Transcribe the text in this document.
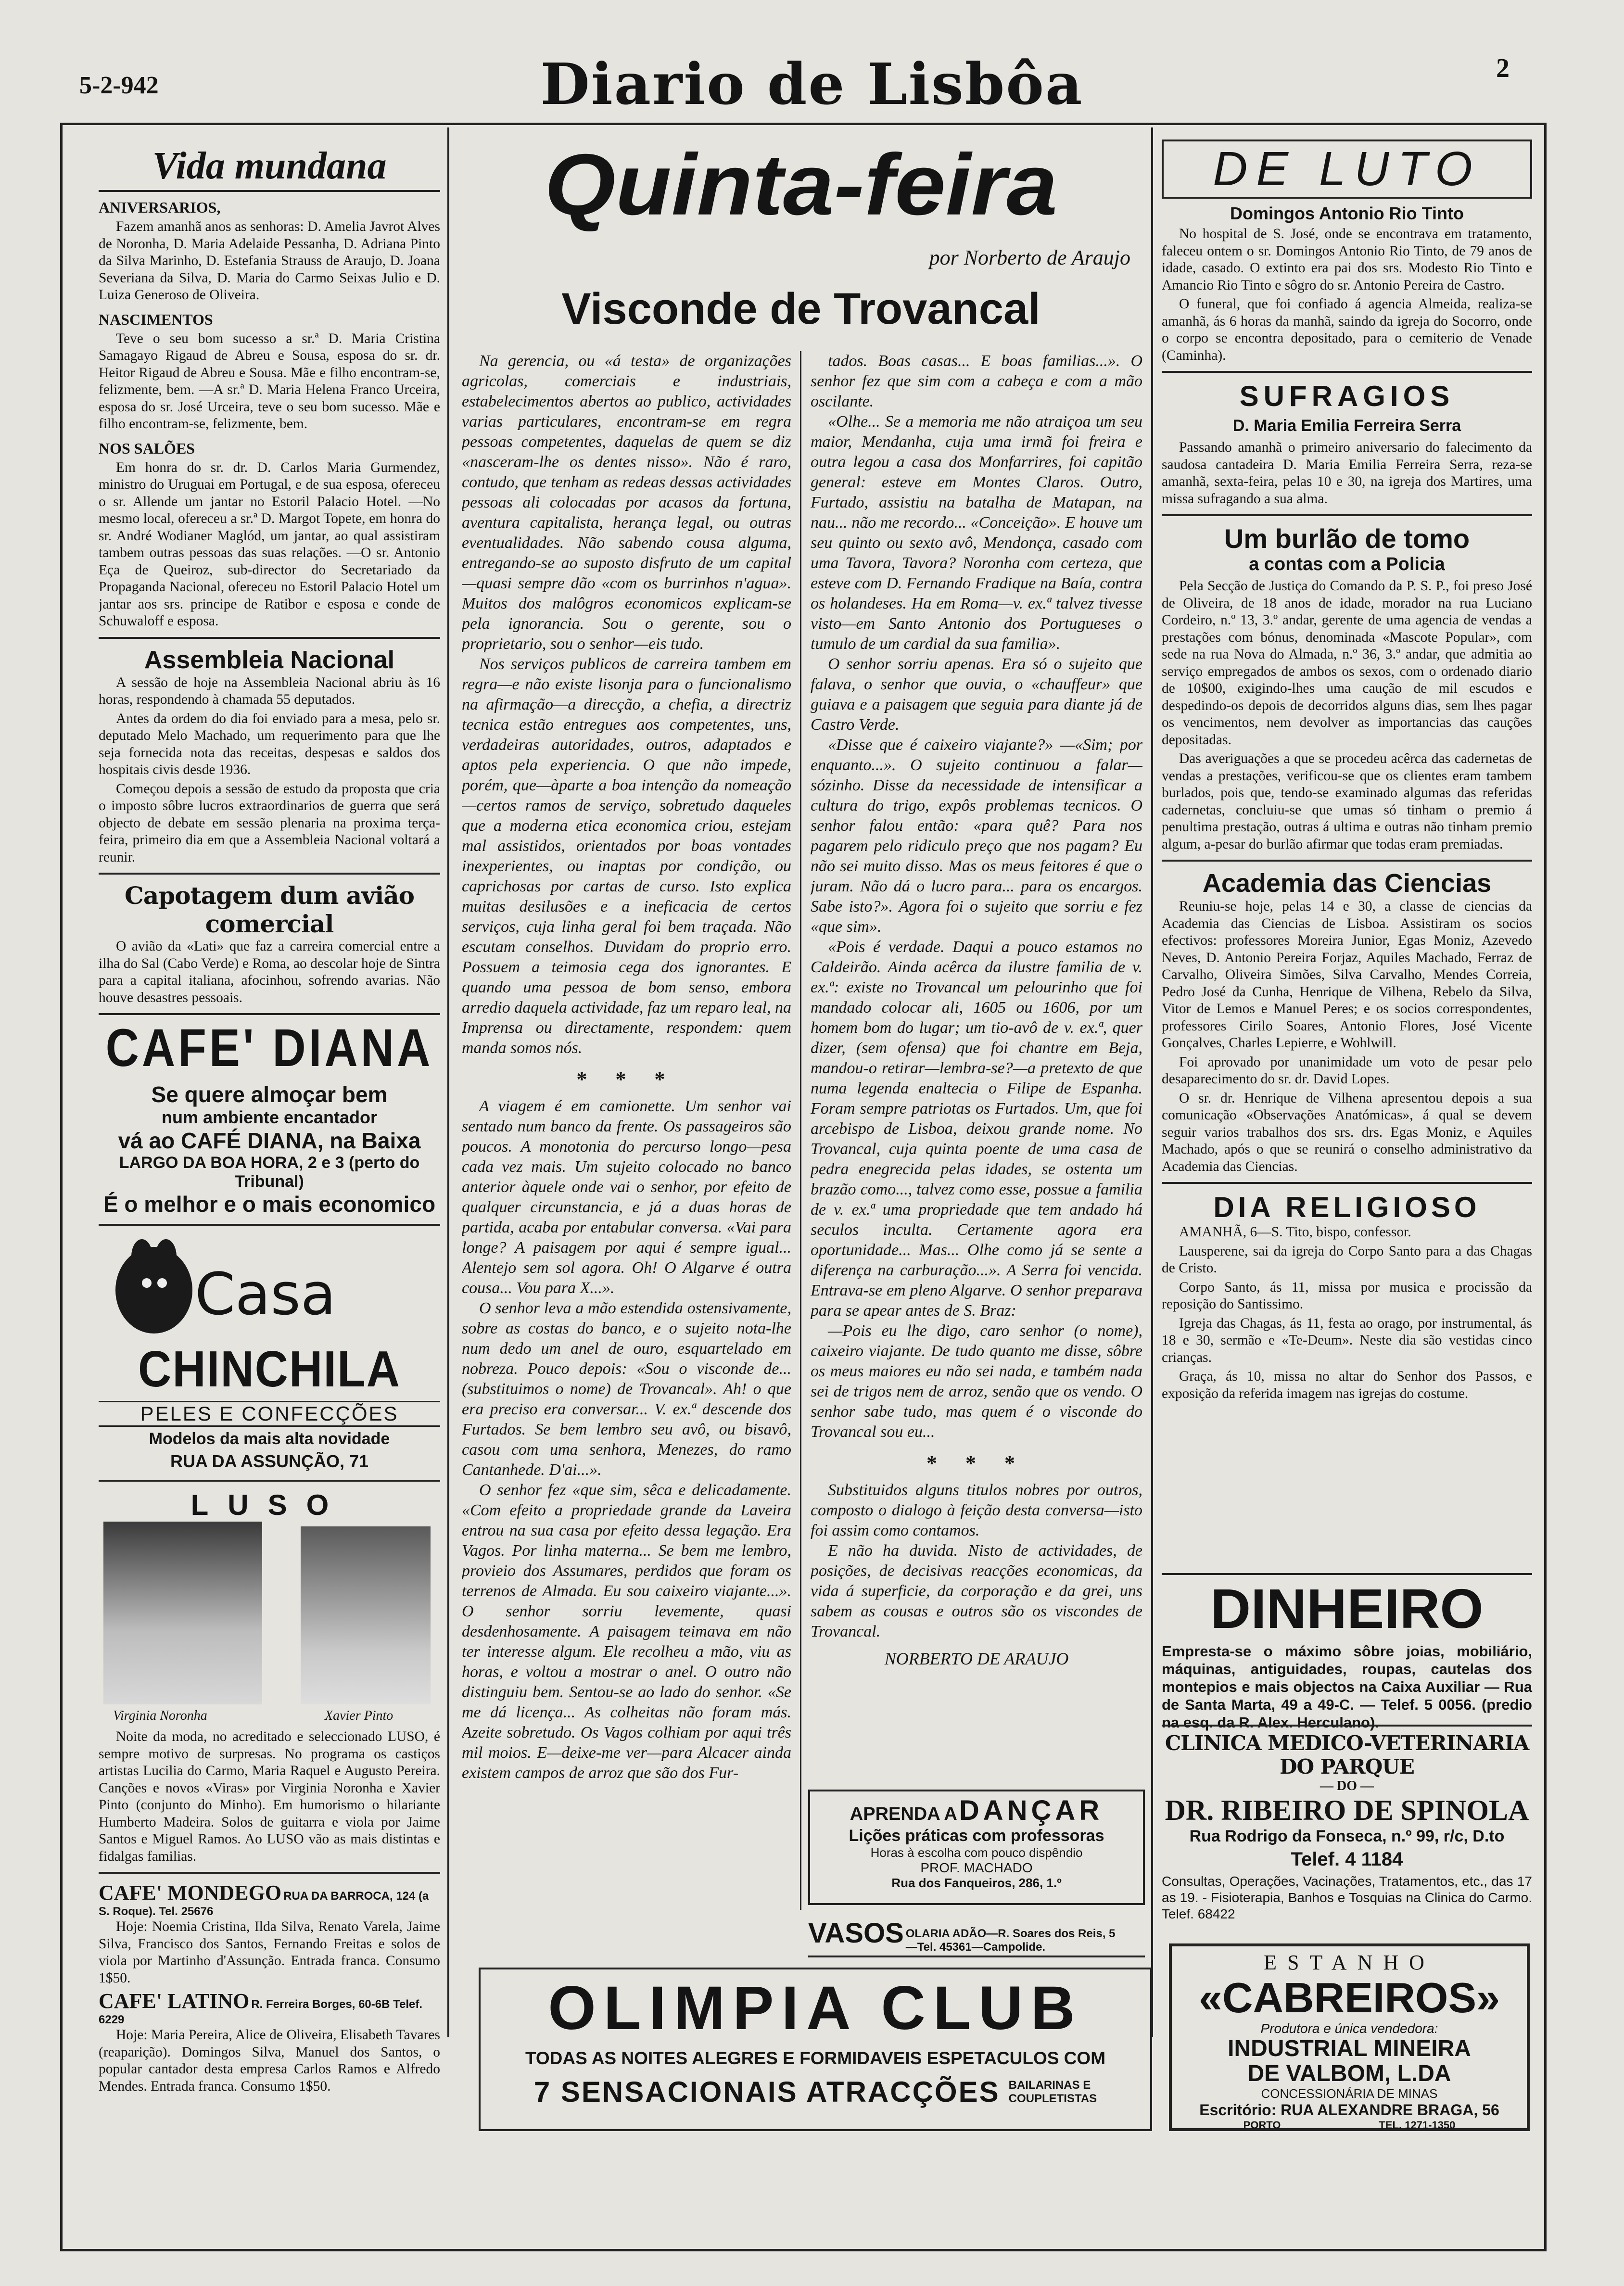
5-2-942	Diario de Lisbôa	2
Vida mundana
ANIVERSARIOS,

Fazem amanhã anos as senhoras: D. Amelia Javrot Alves de Noronha, D. Maria Adelaide Pessanha, D. Adriana Pinto da Silva Marinho, D. Estefania Strauss de Araujo, D. Joana Severiana da Silva, D. Maria do Carmo Seixas Julio e D. Luiza Generoso de Oliveira.

NASCIMENTOS

Teve o seu bom sucesso a sr.ª D. Maria Cristina Samagayo Rigaud de Abreu e Sousa, esposa do sr. dr. Heitor Rigaud de Abreu e Sousa. Mãe e filho encontram-se, felizmente, bem. —A sr.ª D. Maria Helena Franco Urceira, esposa do sr. José Urceira, teve o seu bom sucesso. Mãe e filho encontram-se, felizmente, bem.

NOS SALÕES

Em honra do sr. dr. D. Carlos Maria Gurmendez, ministro do Uruguai em Portugal, e de sua esposa, ofereceu o sr. Allende um jantar no Estoril Palacio Hotel. —No mesmo local, ofereceu a sr.ª D. Margot Topete, em honra do sr. André Wodianer Maglód, um jantar, ao qual assistiram tambem outras pessoas das suas relações. —O sr. Antonio Eça de Queiroz, sub-director do Secretariado da Propaganda Nacional, ofereceu no Estoril Palacio Hotel um jantar aos srs. principe de Ratibor e esposa e conde de Schuwaloff e esposa.

Assembleia Nacional

A sessão de hoje na Assembleia Nacional abriu às 16 horas, respondendo à chamada 55 deputados.

Antes da ordem do dia foi enviado para a mesa, pelo sr. deputado Melo Machado, um requerimento para que lhe seja fornecida nota das receitas, despesas e saldos dos hospitais civis desde 1936.

Começou depois a sessão de estudo da proposta que cria o imposto sôbre lucros extraordinarios de guerra que será objecto de debate em sessão plenaria na proxima terça-feira, primeiro dia em que a Assembleia Nacional voltará a reunir.

Capotagem dum avião comercial

O avião da «Lati» que faz a carreira comercial entre a ilha do Sal (Cabo Verde) e Roma, ao descolar hoje de Sintra para a capital italiana, afocinhou, sofrendo avarias. Não houve desastres pessoais.

CAFE' DIANA
Se quere almoçar bem
num ambiente encantador
vá ao CAFÉ DIANA, na Baixa
LARGO DA BOA HORA, 2 e 3 (perto do Tribunal)
É o melhor e o mais economico
Casa
CHINCHILA
PELES E CONFECÇÕES
Modelos da mais alta novidade
RUA DA ASSUNÇÃO, 71
LUSO
Virginia Noronha	Xavier Pinto

Noite da moda, no acreditado e seleccionado LUSO, é sempre motivo de surpresas. No programa os castiços artistas Lucilia do Carmo, Maria Raquel e Augusto Pereira. Canções e novos «Viras» por Virginia Noronha e Xavier Pinto (conjunto do Minho). Em humorismo o hilariante Humberto Madeira. Solos de guitarra e viola por Jaime Santos e Miguel Ramos. Ao LUSO vão as mais distintas e fidalgas familias.

CAFE' MONDEGO RUA DA BARROCA, 124 (a S. Roque). Tel. 25676

Hoje: Noemia Cristina, Ilda Silva, Renato Varela, Jaime Silva, Francisco dos Santos, Fernando Freitas e solos de viola por Martinho d'Assunção. Entrada franca. Consumo 1$50.

CAFE' LATINO R. Ferreira Borges, 60-6B Telef. 6229

Hoje: Maria Pereira, Alice de Oliveira, Elisabeth Tavares (reaparição). Domingos Silva, Manuel dos Santos, o popular cantador desta empresa Carlos Ramos e Alfredo Mendes. Entrada franca. Consumo 1$50.

Quinta-feira
por Norberto de Araujo
Visconde de Trovancal

Na gerencia, ou «á testa» de organizações agricolas, comerciais e industriais, estabelecimentos abertos ao publico, actividades varias particulares, encontram-se em regra pessoas competentes, daquelas de quem se diz «nasceram-lhe os dentes nisso». Não é raro, contudo, que tenham as redeas dessas actividades pessoas ali colocadas por acasos da fortuna, aventura capitalista, herança legal, ou outras eventualidades. Não sabendo cousa alguma, entregando-se ao suposto disfruto de um capital—quasi sempre dão «com os burrinhos n'agua». Muitos dos malôgros economicos explicam-se pela ignorancia. Sou o gerente, sou o proprietario, sou o senhor—eis tudo.

Nos serviços publicos de carreira tambem em regra—e não existe lisonja para o funcionalismo na afirmação—a direcção, a chefia, a directriz tecnica estão entregues aos competentes, uns, verdadeiras autoridades, outros, adaptados e aptos pela experiencia. O que não impede, porém, que—àparte a boa intenção da nomeação—certos ramos de serviço, sobretudo daqueles que a moderna etica economica criou, estejam mal assistidos, orientados por boas vontades inexperientes, ou inaptas por condição, ou caprichosas por cartas de curso. Isto explica muitas desilusões e a ineficacia de certos serviços, cuja linha geral foi bem traçada. Não escutam conselhos. Duvidam do proprio erro. Possuem a teimosia cega dos ignorantes. E quando uma pessoa de bom senso, embora arredio daquela actividade, faz um reparo leal, na Imprensa ou directamente, respondem: quem manda somos nós.

* * *

A viagem é em camionette. Um senhor vai sentado num banco da frente. Os passageiros são poucos. A monotonia do percurso longo—pesa cada vez mais. Um sujeito colocado no banco anterior àquele onde vai o senhor, por efeito de qualquer circunstancia, e já a duas horas de partida, acaba por entabular conversa. «Vai para longe? A paisagem por aqui é sempre igual... Alentejo sem sol agora. Oh! O Algarve é outra cousa... Vou para X...».

O senhor leva a mão estendida ostensivamente, sobre as costas do banco, e o sujeito nota-lhe num dedo um anel de ouro, esquartelado em nobreza. Pouco depois: «Sou o visconde de... (substituimos o nome) de Trovancal». Ah! o que era preciso era conversar... V. ex.ª descende dos Furtados. Se bem lembro seu avô, ou bisavô, casou com uma senhora, Menezes, do ramo Cantanhede. D'ai...».

O senhor fez «que sim, sêca e delicadamente. «Com efeito a propriedade grande da Laveira entrou na sua casa por efeito dessa legação. Era Vagos. Por linha materna... Se bem me lembro, provieio dos Assumares, perdidos que foram os terrenos de Almada. Eu sou caixeiro viajante...». O senhor sorriu levemente, quasi desdenhosamente. A paisagem teimava em não ter interesse algum. Ele recolheu a mão, viu as horas, e voltou a mostrar o anel. O outro não distinguiu bem. Sentou-se ao lado do senhor. «Se me dá licença... As colheitas não foram más. Azeite sobretudo. Os Vagos colhiam por aqui três mil moios. E—deixe-me ver—para Alcacer ainda existem campos de arroz que são dos Fur-

tados. Boas casas... E boas familias...». O senhor fez que sim com a cabeça e com a mão oscilante.

«Olhe... Se a memoria me não atraiçoa um seu maior, Mendanha, cuja uma irmã foi freira e outra legou a casa dos Monfarrires, foi capitão general: esteve em Montes Claros. Outro, Furtado, assistiu na batalha de Matapan, na nau... não me recordo... «Conceição». E houve um seu quinto ou sexto avô, Mendonça, casado com uma Tavora, Tavora? Noronha com certeza, que esteve com D. Fernando Fradique na Baía, contra os holandeses. Ha em Roma—v. ex.ª talvez tivesse visto—em Santo Antonio dos Portugueses o tumulo de um cardial da sua familia».

O senhor sorriu apenas. Era só o sujeito que falava, o senhor que ouvia, o «chauffeur» que guiava e a paisagem que seguia para diante já de Castro Verde.

«Disse que é caixeiro viajante?» —«Sim; por enquanto...». O sujeito continuou a falar—sózinho. Disse da necessidade de intensificar a cultura do trigo, expôs problemas tecnicos. O senhor falou então: «para quê? Para nos pagarem pelo ridiculo preço que nos pagam? Eu não sei muito disso. Mas os meus feitores é que o juram. Não dá o lucro para... para os encargos. Sabe isto?». Agora foi o sujeito que sorriu e fez «que sim».

«Pois é verdade. Daqui a pouco estamos no Caldeirão. Ainda acêrca da ilustre familia de v. ex.ª: existe no Trovancal um pelourinho que foi mandado colocar ali, 1605 ou 1606, por um homem bom do lugar; um tio-avô de v. ex.ª, quer dizer, (sem ofensa) que foi chantre em Beja, mandou-o retirar—lembra-se?—a pretexto de que numa legenda enaltecia o Filipe de Espanha. Foram sempre patriotas os Furtados. Um, que foi arcebispo de Lisboa, deixou grande nome. No Trovancal, cuja quinta poente de uma casa de pedra enegrecida pelas idades, se ostenta um brazão como..., talvez como esse, possue a familia de v. ex.ª uma propriedade que tem andado há seculos inculta. Certamente agora era oportunidade... Mas... Olhe como já se sente a diferença na carburação...». A Serra foi vencida. Entrava-se em pleno Algarve. O senhor preparava para se apear antes de S. Braz:

—Pois eu lhe digo, caro senhor (o nome), caixeiro viajante. De tudo quanto me disse, sôbre os meus maiores eu não sei nada, e também nada sei de trigos nem de arroz, senão que os vendo. O senhor sabe tudo, mas quem é o visconde do Trovancal sou eu...

* * *

Substituidos alguns titulos nobres por outros, composto o dialogo à feição desta conversa—isto foi assim como contamos.

E não ha duvida. Nisto de actividades, de posições, de decisivas reacções economicas, da vida á superficie, da corporação e da grei, uns sabem as cousas e outros são os viscondes de Trovancal.

NORBERTO DE ARAUJO
APRENDA A DANÇAR
Lições práticas com professoras
Horas à escolha com pouco dispêndio
PROF. MACHADO
Rua dos Fanqueiros, 286, 1.º
VASOS OLARIA ADÃO—R. Soares dos Reis, 5—Tel. 45361—Campolide.
OLIMPIA CLUB
TODAS AS NOITES ALEGRES E FORMIDAVEIS ESPETACULOS COM
7 SENSACIONAIS ATRACÇÕES BAILARINAS E
COUPLETISTAS
DE LUTO
Domingos Antonio Rio Tinto

No hospital de S. José, onde se encontrava em tratamento, faleceu ontem o sr. Domingos Antonio Rio Tinto, de 79 anos de idade, casado. O extinto era pai dos srs. Modesto Rio Tinto e Amancio Rio Tinto e sôgro do sr. Antonio Pereira de Castro.

O funeral, que foi confiado á agencia Almeida, realiza-se amanhã, ás 6 horas da manhã, saindo da igreja do Socorro, onde o corpo se encontra depositado, para o cemiterio de Venade (Caminha).

SUFRAGIOS
D. Maria Emilia Ferreira Serra

Passando amanhã o primeiro aniversario do falecimento da saudosa cantadeira D. Maria Emilia Ferreira Serra, reza-se amanhã, sexta-feira, pelas 10 e 30, na igreja dos Martires, uma missa sufragando a sua alma.

Um burlão de tomo
a contas com a Policia

Pela Secção de Justiça do Comando da P. S. P., foi preso José de Oliveira, de 18 anos de idade, morador na rua Luciano Cordeiro, n.º 13, 3.º andar, gerente de uma agencia de vendas a prestações com bónus, denominada «Mascote Popular», com sede na rua Nova do Almada, n.º 36, 3.º andar, que admitia ao serviço empregados de ambos os sexos, com o ordenado diario de 10$00, exigindo-lhes uma caução de mil escudos e despedindo-os depois de decorridos alguns dias, sem lhes pagar os vencimentos, nem devolver as importancias das cauções depositadas.

Das averiguações a que se procedeu acêrca das cadernetas de vendas a prestações, verificou-se que os clientes eram tambem burlados, pois que, tendo-se examinado algumas das referidas cadernetas, concluiu-se que umas só tinham o premio á penultima prestação, outras á ultima e outras não tinham premio algum, a-pesar do burlão afirmar que todas eram premiadas.

Academia das Ciencias

Reuniu-se hoje, pelas 14 e 30, a classe de ciencias da Academia das Ciencias de Lisboa. Assistiram os socios efectivos: professores Moreira Junior, Egas Moniz, Azevedo Neves, D. Antonio Pereira Forjaz, Aquiles Machado, Ferraz de Carvalho, Oliveira Simões, Silva Carvalho, Mendes Correia, Pedro José da Cunha, Henrique de Vilhena, Rebelo da Silva, Vitor de Lemos e Manuel Peres; e os socios correspondentes, professores Cirilo Soares, Antonio Flores, José Vicente Gonçalves, Charles Lepierre, e Wohlwill.

Foi aprovado por unanimidade um voto de pesar pelo desaparecimento do sr. dr. David Lopes.

O sr. dr. Henrique de Vilhena apresentou depois a sua comunicação «Observações Anatómicas», á qual se devem seguir varios trabalhos dos srs. drs. Egas Moniz, e Aquiles Machado, após o que se reunirá o conselho administrativo da Academia das Ciencias.

DIA RELIGIOSO

AMANHÃ, 6—S. Tito, bispo, confessor.

Lausperene, sai da igreja do Corpo Santo para a das Chagas de Cristo.

Corpo Santo, ás 11, missa por musica e procissão da reposição do Santissimo.

Igreja das Chagas, ás 11, festa ao orago, por instrumental, ás 18 e 30, sermão e «Te-Deum». Neste dia são vestidas cinco crianças.

Graça, ás 10, missa no altar do Senhor dos Passos, e exposição da referida imagem nas igrejas do costume.

DINHEIRO
Empresta-se o máximo sôbre joias, mobiliário, máquinas, antiguidades, roupas, cautelas dos montepios e mais objectos na Caixa Auxiliar — Rua de Santa Marta, 49 a 49-C. — Telef. 5 0056. (predio na esq. da R. Alex. Herculano).
CLINICA MEDICO-VETERINARIA DO PARQUE
— DO —
DR. RIBEIRO DE SPINOLA
Rua Rodrigo da Fonseca, n.º 99, r/c, D.to
Telef. 4 1184
Consultas, Operações, Vacinações, Tratamentos, etc., das 17 as 19. - Fisioterapia, Banhos e Tosquias na Clinica do Carmo. Telef. 68422
ESTANHO
«CABREIROS»
Produtora e única vendedora:
INDUSTRIAL MINEIRA
DE VALBOM, L.DA
CONCESSIONÁRIA DE MINAS
Escritório: RUA ALEXANDRE BRAGA, 56
PORTO	TEL. 1271-1350
